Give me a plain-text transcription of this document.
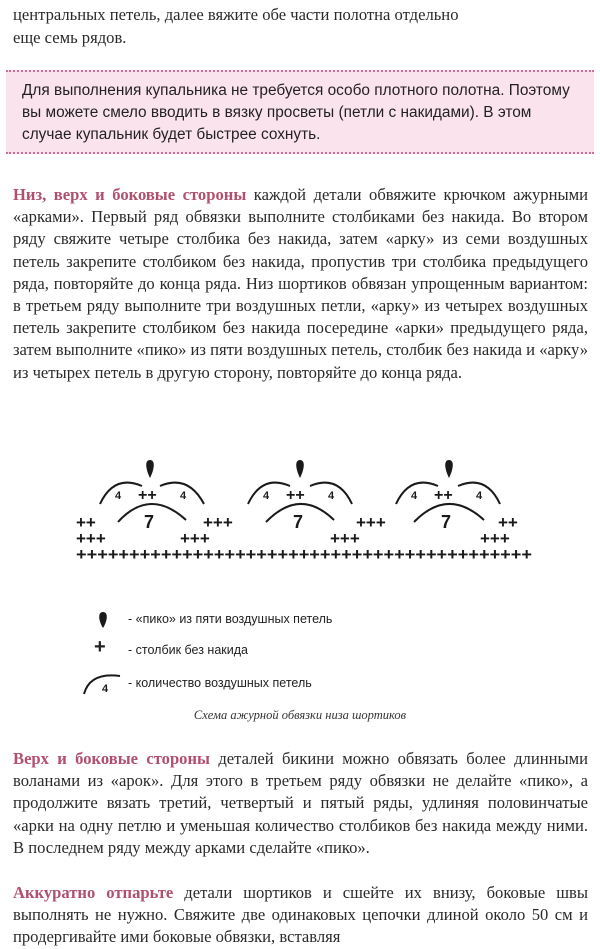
центральных петель, далее вяжите обе части полотна отдельно

еще семь рядов.

Для выполнения купальника не требуется особо плотного полотна. Поэтому вы можете смело вводить в вязку просветы (петли с накидами). В этом случае купальник будет быстрее сохнуть.

Низ, верх и боковые стороны каждой детали обвяжите крючком ажурными «арками». Первый ряд обвязки выполните столбиками без накида. Во втором ряду свяжите четыре столбика без накида, затем «арку» из семи воздушных петель закрепите столбиком без накида, пропустив три столбика предыдущего ряда, повторяйте до конца ряда. Низ шортиков обвязан упрощенным вариантом: в третьем ряду выполните три воздушных петли, «арку» из четырех воздушных петель закрепите столбиком без накида посередине «арки» предыдущего ряда, затем выполните «пико» из пяти воздушных петель, столбик без накида и «арку» из четырех петель в другую сторону, повторяйте до конца ряда.

4	4	4	4	4	4
++	++	++
7	7	7
++	+++	+++	++
+++	+++	+++	+++
+++++++++++++++++++++++++++++++++++++++++++
- «пико» из пяти воздушных петель
+ - столбик без накида
4 - количество воздушных петель
Схема ажурной обвязки низа шортиков

Верх и боковые стороны деталей бикини можно обвязать более длинными воланами из «арок». Для этого в третьем ряду обвязки не делайте «пико», а продолжите вязать третий, четвертый и пятый ряды, удлиняя половинчатые «арки на одну петлю и уменьшая количество столбиков без накида между ними. В последнем ряду между арками сделайте «пико».

Аккуратно отпарьте детали шортиков и сшейте их внизу, боковые швы выполнять не нужно. Свяжите две одинаковых цепочки длиной около 50 см и продергивайте ими боковые обвязки, вставляя
